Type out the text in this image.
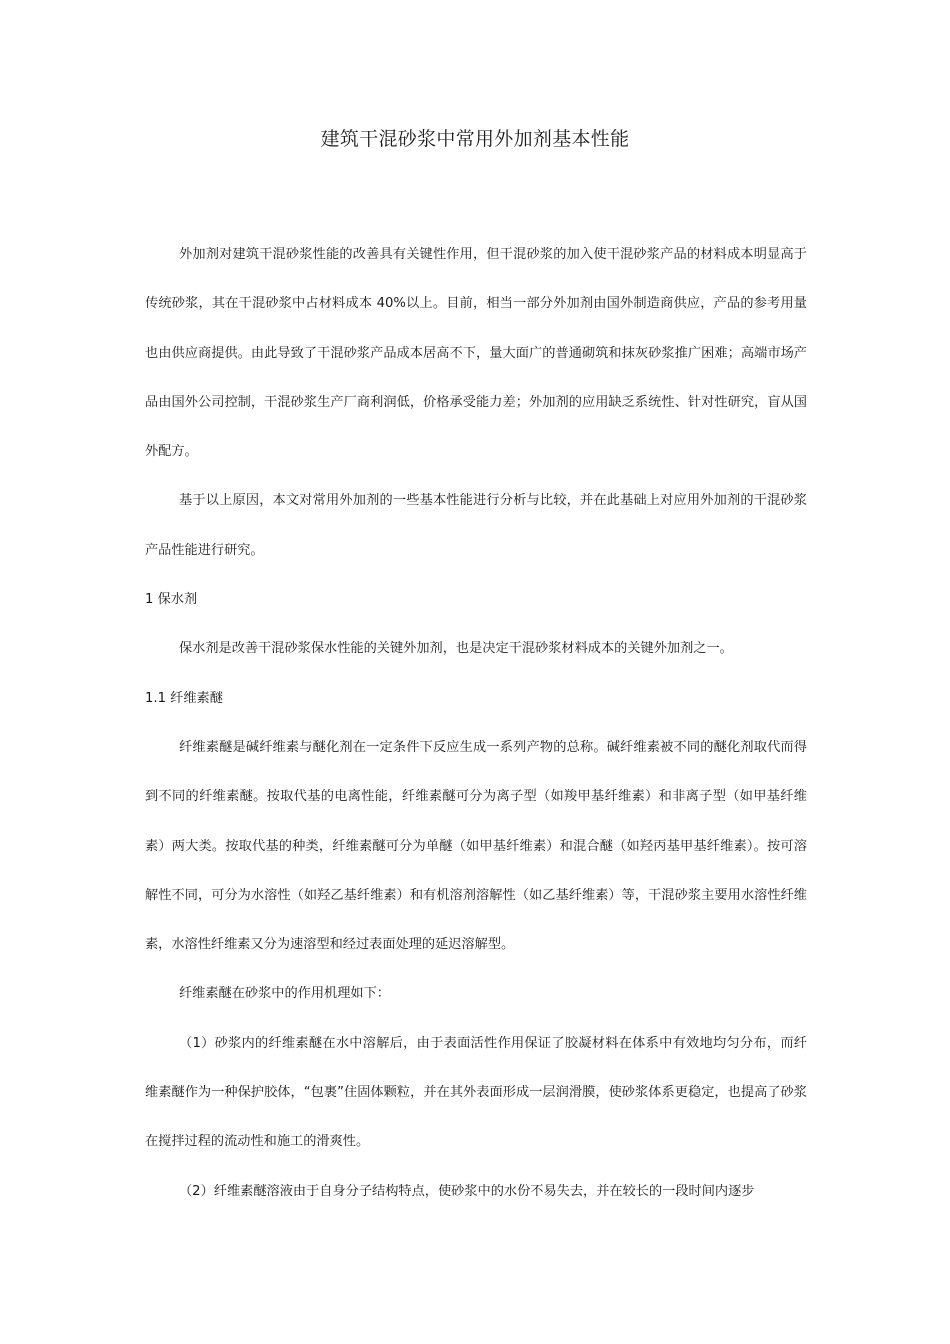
建筑干混砂浆中常用外加剂基本性能

外加剂对建筑干混砂浆性能的改善具有关键性作用，但干混砂浆的加入使干混砂浆产品的材料成本明显高于传统砂浆，其在干混砂浆中占材料成本 40%以上。目前，相当一部分外加剂由国外制造商供应，产品的参考用量也由供应商提供。由此导致了干混砂浆产品成本居高不下，量大面广的普通砌筑和抹灰砂浆推广困难；高端市场产品由国外公司控制，干混砂浆生产厂商利润低，价格承受能力差；外加剂的应用缺乏系统性、针对性研究，盲从国外配方。

基于以上原因，本文对常用外加剂的一些基本性能进行分析与比较，并在此基础上对应用外加剂的干混砂浆产品性能进行研究。

1 保水剂

保水剂是改善干混砂浆保水性能的关键外加剂，也是决定干混砂浆材料成本的关键外加剂之一。

1.1 纤维素醚

纤维素醚是碱纤维素与醚化剂在一定条件下反应生成一系列产物的总称。碱纤维素被不同的醚化剂取代而得到不同的纤维素醚。按取代基的电离性能，纤维素醚可分为离子型（如羧甲基纤维素）和非离子型（如甲基纤维素）两大类。按取代基的种类，纤维素醚可分为单醚（如甲基纤维素）和混合醚（如羟丙基甲基纤维素）。按可溶解性不同，可分为水溶性（如羟乙基纤维素）和有机溶剂溶解性（如乙基纤维素）等，干混砂浆主要用水溶性纤维素，水溶性纤维素又分为速溶型和经过表面处理的延迟溶解型。

纤维素醚在砂浆中的作用机理如下：

（1）砂浆内的纤维素醚在水中溶解后，由于表面活性作用保证了胶凝材料在体系中有效地均匀分布，而纤维素醚作为一种保护胶体，“包裹”住固体颗粒，并在其外表面形成一层润滑膜，使砂浆体系更稳定，也提高了砂浆在搅拌过程的流动性和施工的滑爽性。

（2）纤维素醚溶液由于自身分子结构特点，使砂浆中的水份不易失去，并在较长的一段时间内逐步
